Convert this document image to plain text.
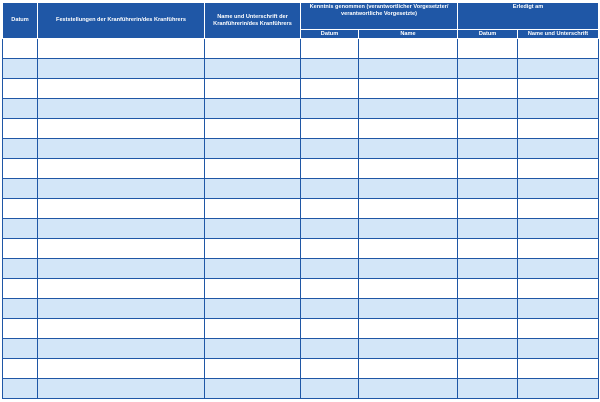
Datum	Feststellungen der Kranführerin/des Kranführers	Name und Unterschrift der Kranführerin/des Kranführers	Kenntnis genommen (verantwortlicher Vorgesetzter/ verantwortliche Vorgesetzte)		Erledigt am	
			Datum	Name	Datum	Name und Unterschrift
